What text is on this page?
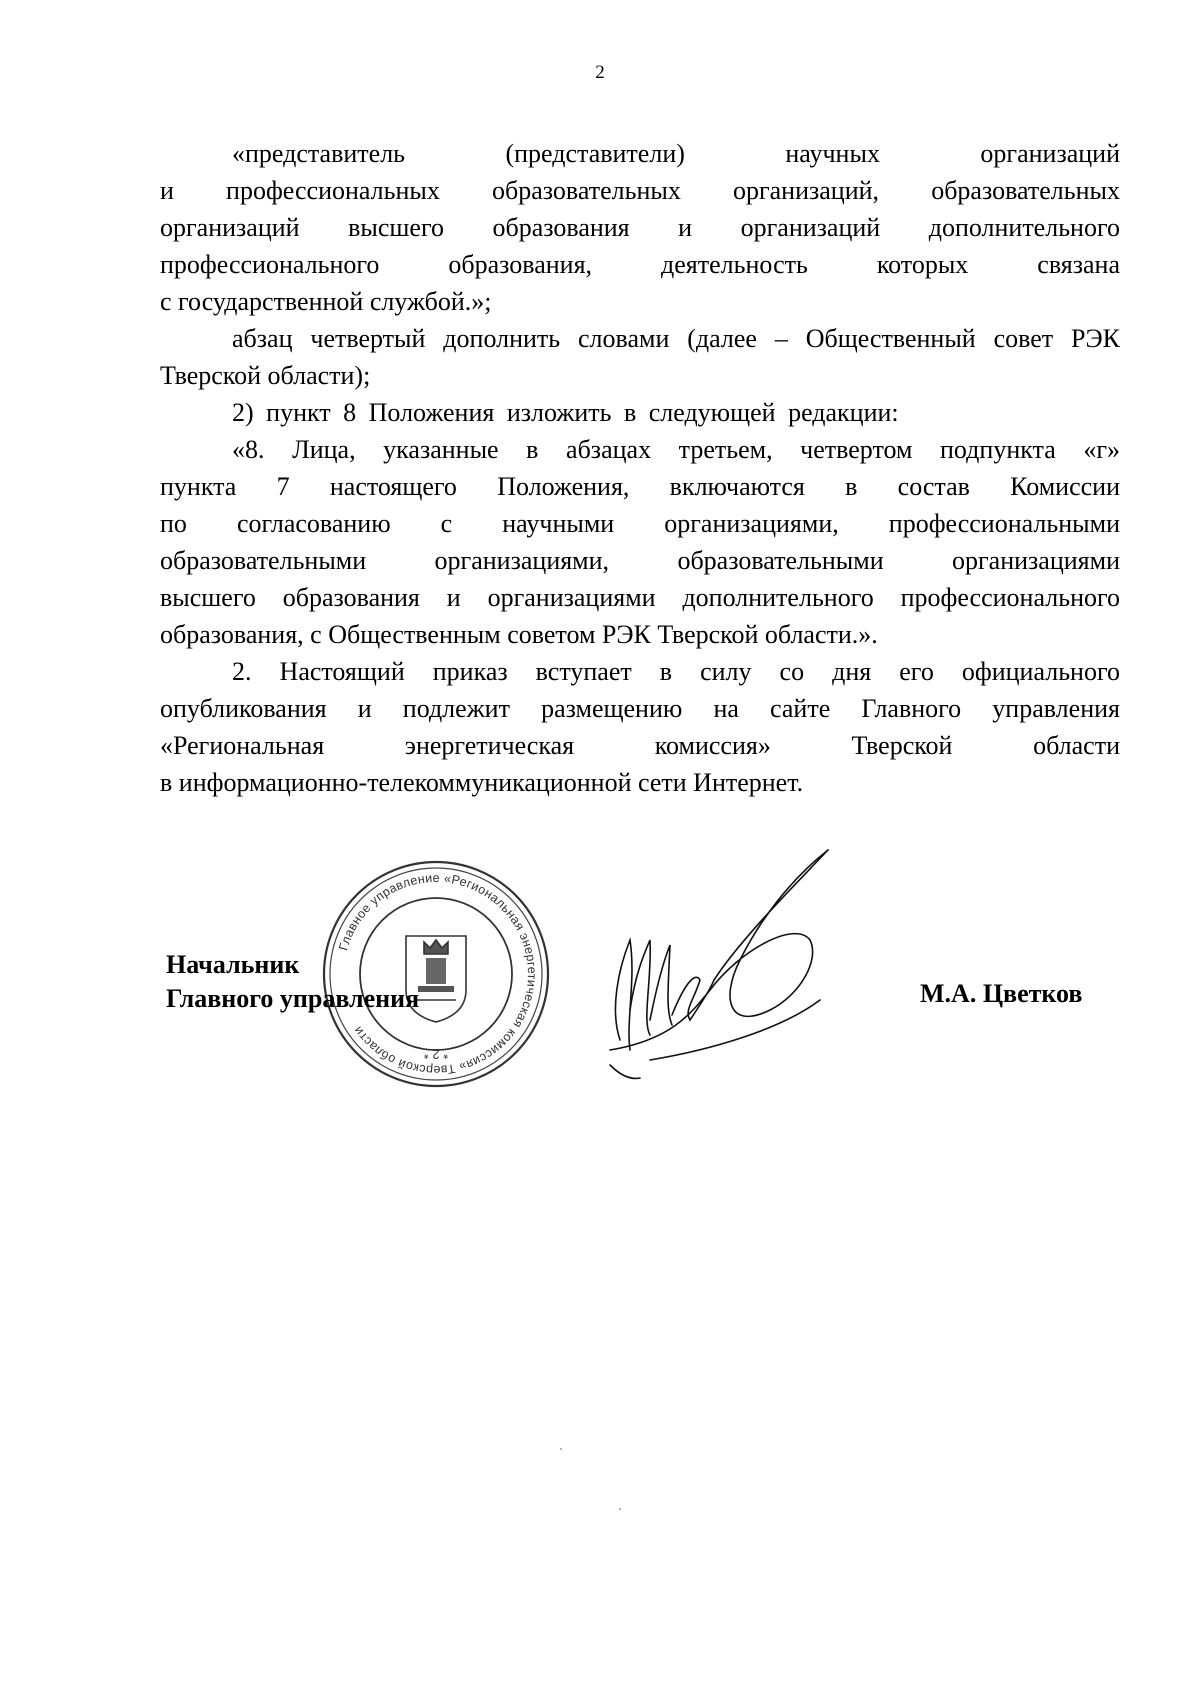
2
«представитель (представители) научных организаций
и профессиональных образовательных организаций, образовательных
организаций высшего образования и организаций дополнительного
профессионального образования, деятельность которых связана
с государственной службой.»;
абзац четвертый дополнить словами (далее – Общественный совет РЭК
Тверской области);
2) пункт 8 Положения изложить в следующей редакции:
«8. Лица, указанные в абзацах третьем, четвертом подпункта «г»
пункта 7 настоящего Положения, включаются в состав Комиссии
по согласованию с научными организациями, профессиональными
образовательными организациями, образовательными организациями
высшего образования и организациями дополнительного профессионального
образования, с Общественным советом РЭК Тверской области.».
2. Настоящий приказ вступает в силу со дня его официального
опубликования и подлежит размещению на сайте Главного управления
«Региональная энергетическая комиссия» Тверской области
в информационно-телекоммуникационной сети Интернет.
Главное управление «Региональная энергетическая комиссия» Тверской области
* 2 *
Начальник
Главного управления	М.А. Цветков
